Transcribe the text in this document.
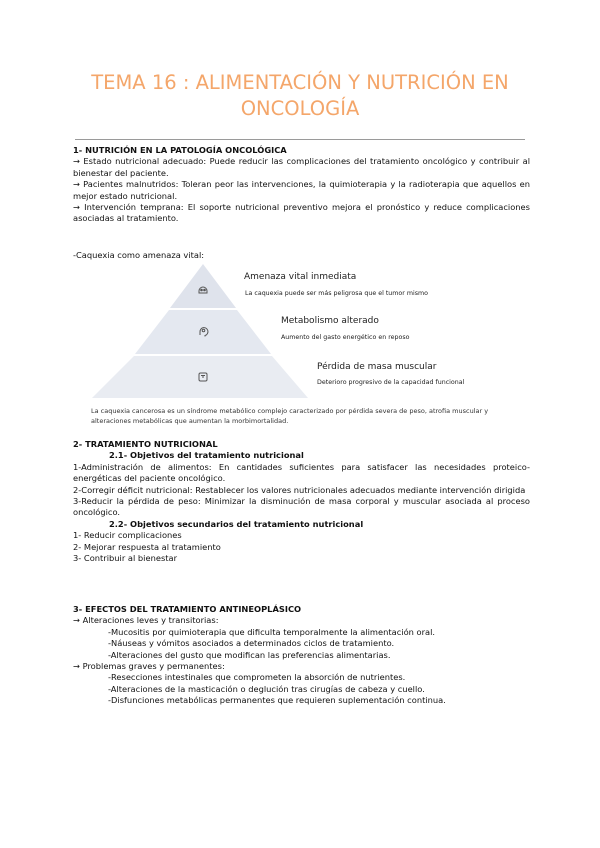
TEMA 16 : ALIMENTACIÓN Y NUTRICIÓN EN ONCOLOGÍA
1- NUTRICIÓN EN LA PATOLOGÍA ONCOLÓGICA
→ Estado nutricional adecuado: Puede reducir las complicaciones del tratamiento oncológico y contribuir al bienestar del paciente.
→ Pacientes malnutridos: Toleran peor las intervenciones, la quimioterapia y la radioterapia que aquellos en mejor estado nutricional.
→ Intervención temprana: El soporte nutricional preventivo mejora el pronóstico y reduce complicaciones asociadas al tratamiento.
-Caquexia como amenaza vital:
Amenaza vital inmediata
La caquexia puede ser más peligrosa que el tumor mismo
Metabolismo alterado
Aumento del gasto energético en reposo
Pérdida de masa muscular
Deterioro progresivo de la capacidad funcional
La caquexia cancerosa es un síndrome metabólico complejo caracterizado por pérdida severa de peso, atrofia muscular y alteraciones metabólicas que aumentan la morbimortalidad.
2- TRATAMIENTO NUTRICIONAL
2.1- Objetivos del tratamiento nutricional
1-Administración de alimentos: En cantidades suficientes para satisfacer las necesidades proteico-energéticas del paciente oncológico.
2-Corregir déficit nutricional: Restablecer los valores nutricionales adecuados mediante intervención dirigida
3-Reducir la pérdida de peso: Minimizar la disminución de masa corporal y muscular asociada al proceso oncológico.
2.2- Objetivos secundarios del tratamiento nutricional
1- Reducir complicaciones
2- Mejorar respuesta al tratamiento
3- Contribuir al bienestar
3- EFECTOS DEL TRATAMIENTO ANTINEOPLÁSICO
→ Alteraciones leves y transitorias:
-Mucositis por quimioterapia que dificulta temporalmente la alimentación oral.
-Náuseas y vómitos asociados a determinados ciclos de tratamiento.
-Alteraciones del gusto que modifican las preferencias alimentarias.
→ Problemas graves y permanentes:
-Resecciones intestinales que comprometen la absorción de nutrientes.
-Alteraciones de la masticación o deglución tras cirugías de cabeza y cuello.
-Disfunciones metabólicas permanentes que requieren suplementación continua.
